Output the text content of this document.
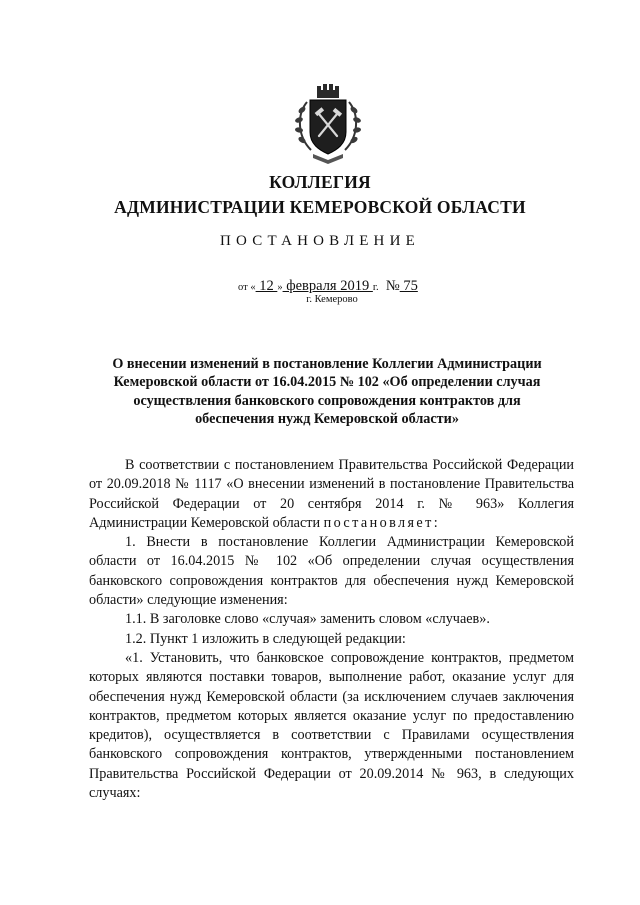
КОЛЛЕГИЯ
АДМИНИСТРАЦИИ КЕМЕРОВСКОЙ ОБЛАСТИ
ПОСТАНОВЛЕНИЕ
от « 12 » февраля 2019 г. № 75
г. Кемерово
О внесении изменений в постановление Коллегии Администрации Кемеровской области от 16.04.2015 № 102 «Об определении случая осуществления банковского сопровождения контрактов для обеспечения нужд Кемеровской области»

В соответствии с постановлением Правительства Российской Федерации от 20.09.2018 № 1117 «О внесении изменений в постановление Правительства Российской Федерации от 20 сентября 2014 г. № 963» Коллегия Администрации Кемеровской области постановляет:

1. Внести в постановление Коллегии Администрации Кемеровской области от 16.04.2015 № 102 «Об определении случая осуществления банковского сопровождения контрактов для обеспечения нужд Кемеровской области» следующие изменения:

1.1. В заголовке слово «случая» заменить словом «случаев».

1.2. Пункт 1 изложить в следующей редакции:

«1. Установить, что банковское сопровождение контрактов, предметом которых являются поставки товаров, выполнение работ, оказание услуг для обеспечения нужд Кемеровской области (за исключением случаев заключения контрактов, предметом которых является оказание услуг по предоставлению кредитов), осуществляется в соответствии с Правилами осуществления банковского сопровождения контрактов, утвержденными постановлением Правительства Российской Федерации от 20.09.2014 № 963, в следующих случаях:
